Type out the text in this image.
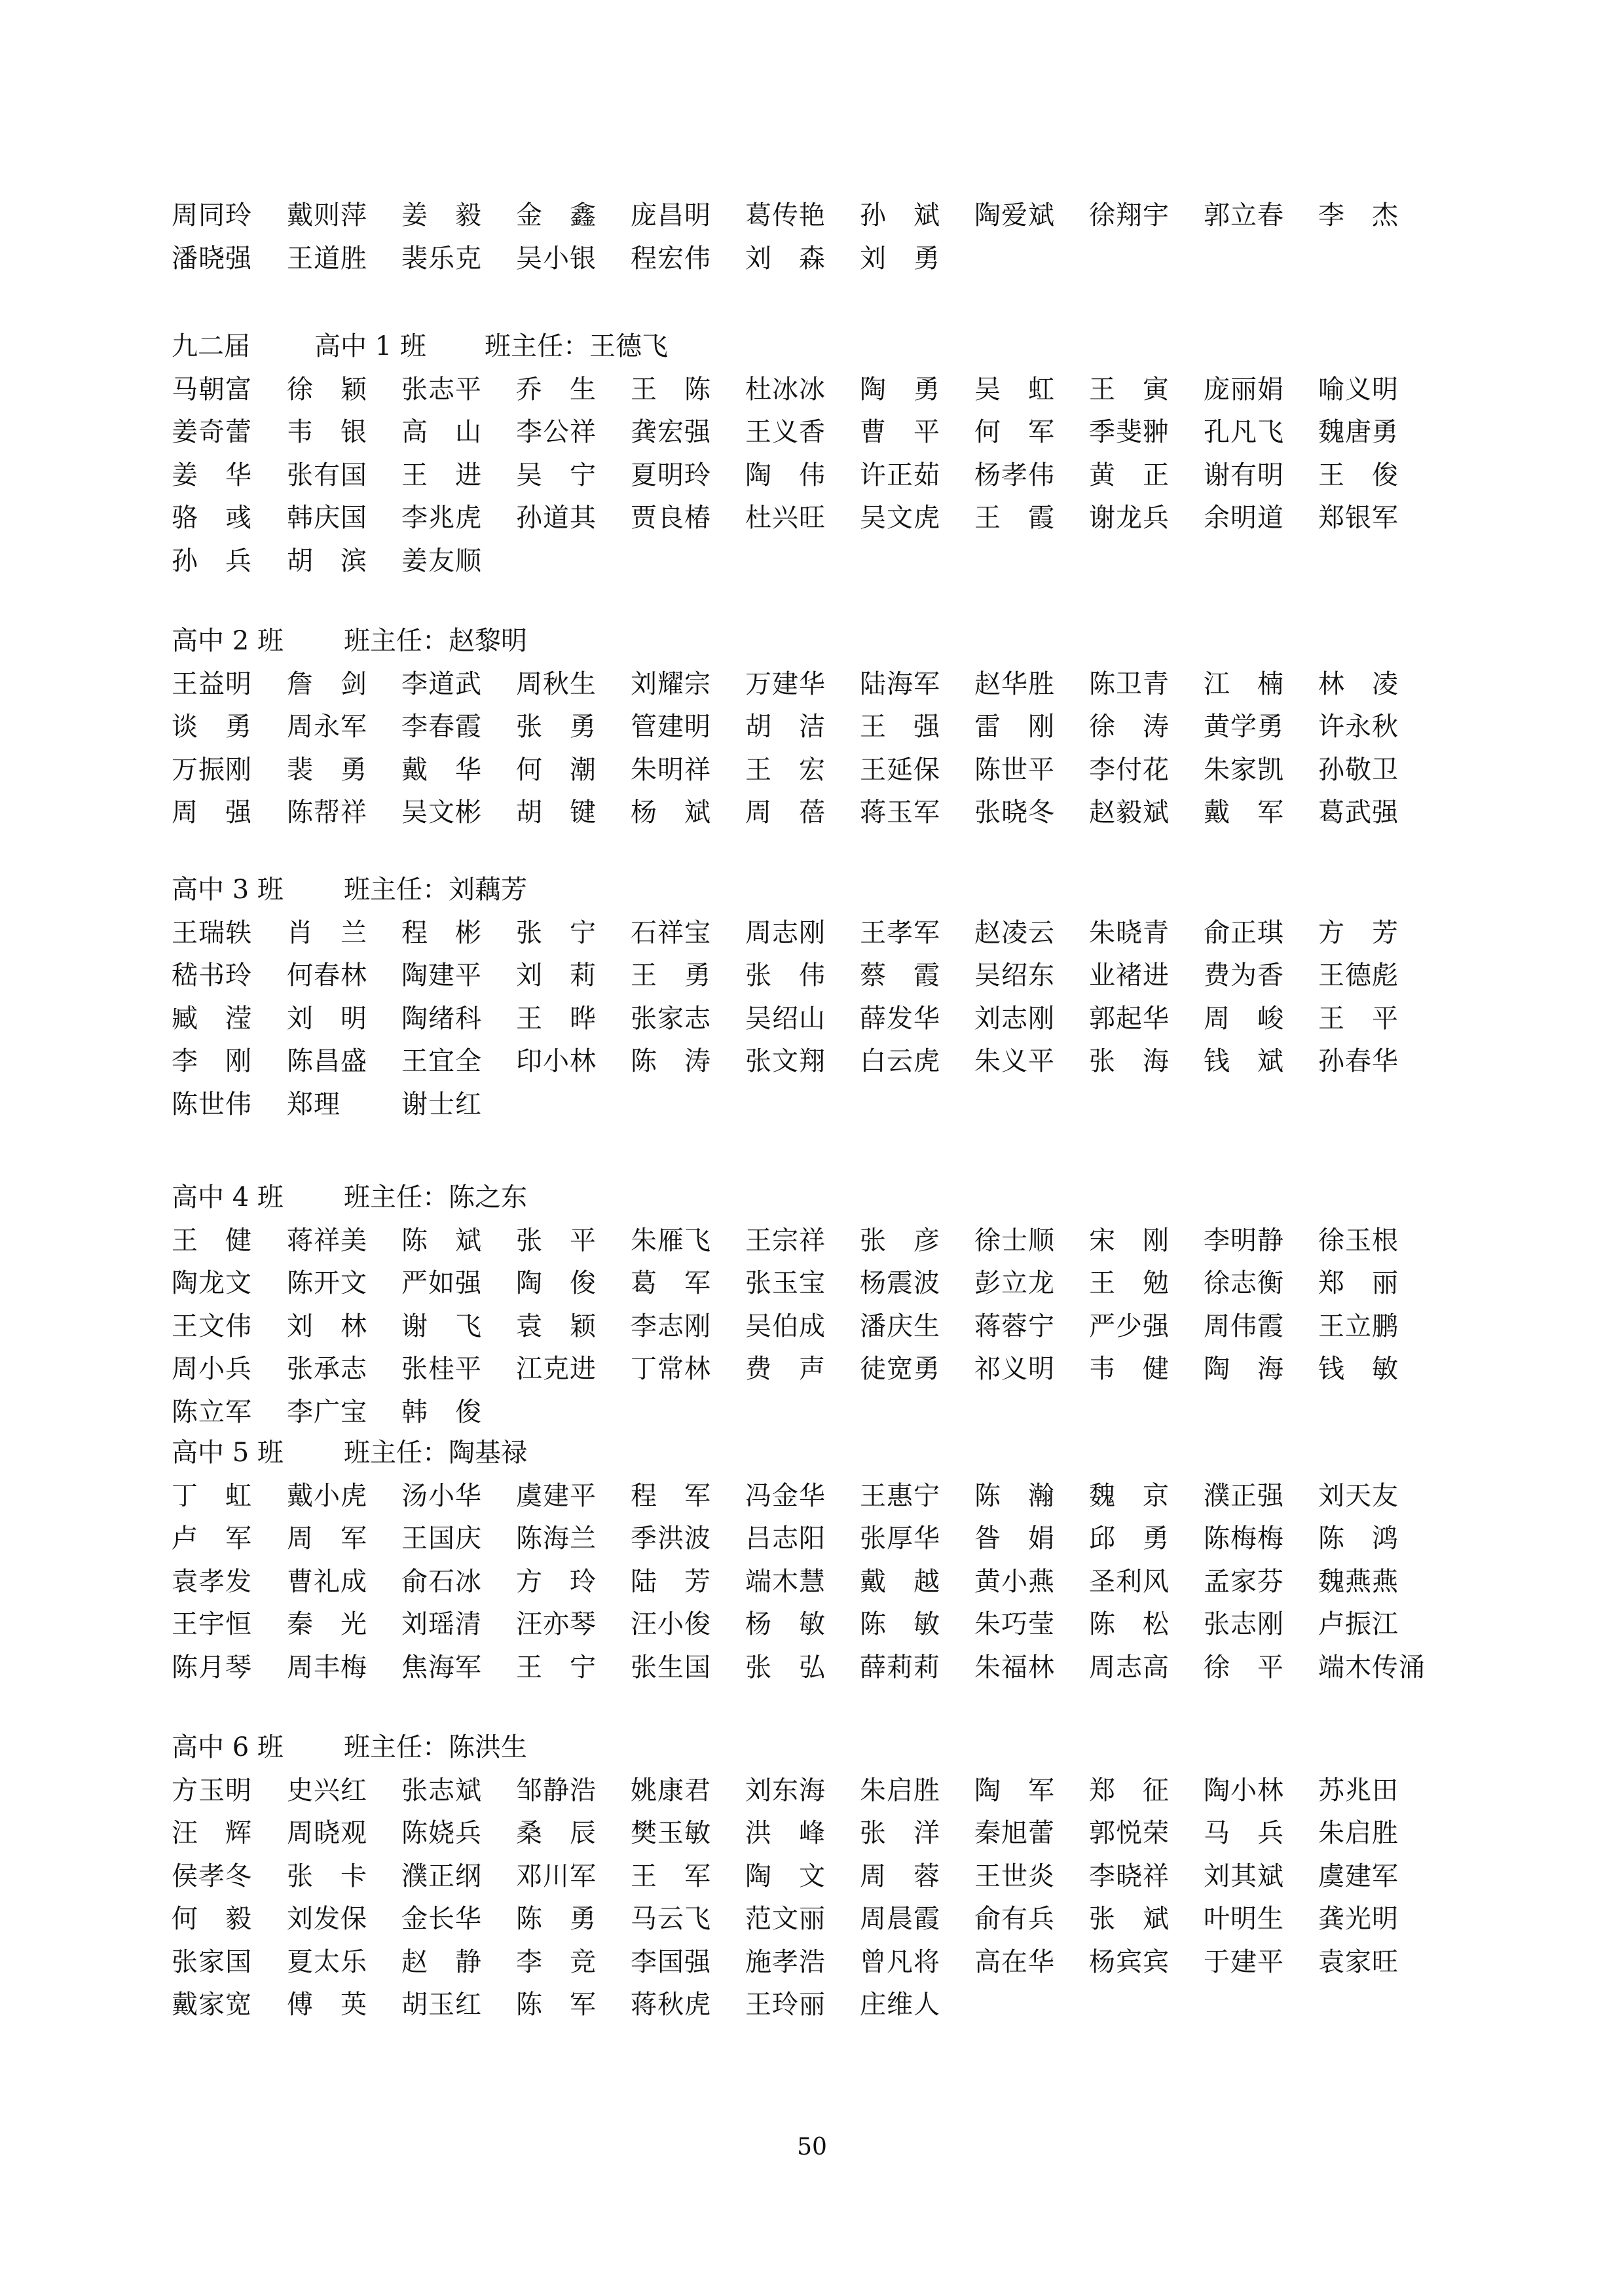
50
周同玲 戴则萍 姜　毅 金　鑫 庞昌明 葛传艳 孙　斌 陶爱斌 徐翔宇 郭立春 李　杰
潘晓强 王道胜 裴乐克 吴小银 程宏伟 刘　森 刘　勇
九二届 高中 1 班 班主任：王德飞
马朝富 徐　颖 张志平 乔　生 王　陈 杜冰冰 陶　勇 吴　虹 王　寅 庞丽娟 喻义明
姜奇蕾 韦　银 高　山 李公祥 龚宏强 王义香 曹　平 何　军 季斐翀 孔凡飞 魏唐勇
姜　华 张有国 王　进 吴　宁 夏明玲 陶　伟 许正茹 杨孝伟 黄　正 谢有明 王　俊
骆　彧 韩庆国 李兆虎 孙道其 贾良椿 杜兴旺 吴文虎 王　霞 谢龙兵 余明道 郑银军
孙　兵 胡　滨 姜友顺
高中 2 班 班主任：赵黎明
王益明 詹　剑 李道武 周秋生 刘耀宗 万建华 陆海军 赵华胜 陈卫青 江　楠 林　凌
谈　勇 周永军 李春霞 张　勇 管建明 胡　洁 王　强 雷　刚 徐　涛 黄学勇 许永秋
万振刚 裴　勇 戴　华 何　潮 朱明祥 王　宏 王延保 陈世平 李付花 朱家凯 孙敬卫
周　强 陈帮祥 吴文彬 胡　键 杨　斌 周　蓓 蒋玉军 张晓冬 赵毅斌 戴　军 葛武强
高中 3 班 班主任：刘藕芳
王瑞轶 肖　兰 程　彬 张　宁 石祥宝 周志刚 王孝军 赵凌云 朱晓青 俞正琪 方　芳
嵇书玲 何春林 陶建平 刘　莉 王　勇 张　伟 蔡　霞 吴绍东 业褚进 费为香 王德彪
臧　滢 刘　明 陶绪科 王　晔 张家志 吴绍山 薛发华 刘志刚 郭起华 周　峻 王　平
李　刚 陈昌盛 王宜全 印小林 陈　涛 张文翔 白云虎 朱义平 张　海 钱　斌 孙春华
陈世伟 郑理 谢士红
高中 4 班 班主任：陈之东
王　健 蒋祥美 陈　斌 张　平 朱雁飞 王宗祥 张　彦 徐士顺 宋　刚 李明静 徐玉根
陶龙文 陈开文 严如强 陶　俊 葛　军 张玉宝 杨震波 彭立龙 王　勉 徐志衡 郑　丽
王文伟 刘　林 谢　飞 袁　颖 李志刚 吴伯成 潘庆生 蒋蓉宁 严少强 周伟霞 王立鹏
周小兵 张承志 张桂平 江克进 丁常林 费　声 徒宽勇 祁义明 韦　健 陶　海 钱　敏
陈立军 李广宝 韩　俊
高中 5 班 班主任：陶基禄
丁　虹 戴小虎 汤小华 虞建平 程　军 冯金华 王惠宁 陈　瀚 魏　京 濮正强 刘天友
卢　军 周　军 王国庆 陈海兰 季洪波 吕志阳 张厚华 昝　娟 邱　勇 陈梅梅 陈　鸿
袁孝发 曹礼成 俞石冰 方　玲 陆　芳 端木慧 戴　越 黄小燕 圣利风 孟家芬 魏燕燕
王宇恒 秦　光 刘瑶清 汪亦琴 汪小俊 杨　敏 陈　敏 朱巧莹 陈　松 张志刚 卢振江
陈月琴 周丰梅 焦海军 王　宁 张生国 张　弘 薛莉莉 朱福林 周志高 徐　平 端木传涌
高中 6 班 班主任：陈洪生
方玉明 史兴红 张志斌 邹静浩 姚康君 刘东海 朱启胜 陶　军 郑　征 陶小林 苏兆田
汪　辉 周晓观 陈娆兵 桑　辰 樊玉敏 洪　峰 张　洋 秦旭蕾 郭悦荣 马　兵 朱启胜
侯孝冬 张　卡 濮正纲 邓川军 王　军 陶　文 周　蓉 王世炎 李晓祥 刘其斌 虞建军
何　毅 刘发保 金长华 陈　勇 马云飞 范文丽 周晨霞 俞有兵 张　斌 叶明生 龚光明
张家国 夏太乐 赵　静 李　竞 李国强 施孝浩 曾凡将 高在华 杨宾宾 于建平 袁家旺
戴家宽 傅　英 胡玉红 陈　军 蒋秋虎 王玲丽 庄维人
